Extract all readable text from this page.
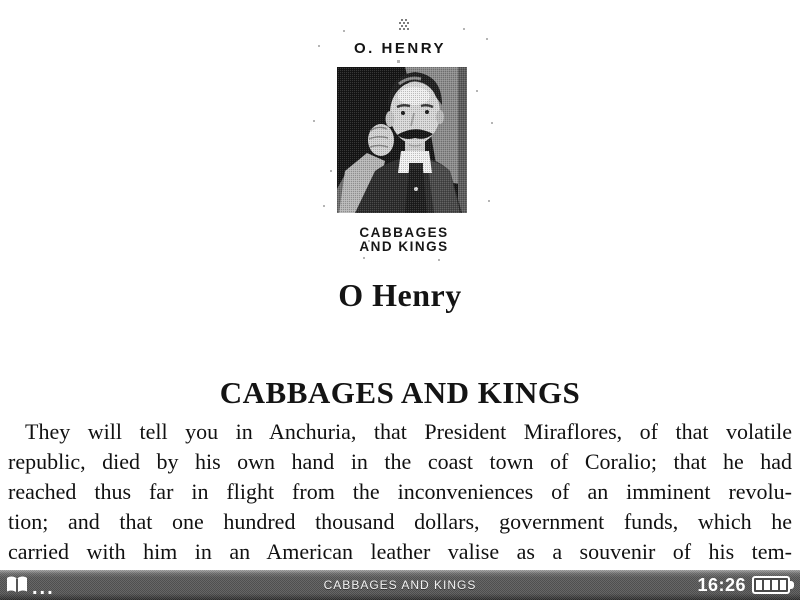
O. HENRY
CABBAGES
AND KINGS
O Henry
CABBAGES AND KINGS
They will tell you in Anchuria, that President Miraflores, of that volatile
republic, died by his own hand in the coast town of Coralio; that he had
reached thus far in flight from the inconveniences of an imminent revolu-
tion; and that one hundred thousand dollars, government funds, which he
carried with him in an American leather valise as a souvenir of his tem-
CABBAGES AND KINGS
...	16:26
